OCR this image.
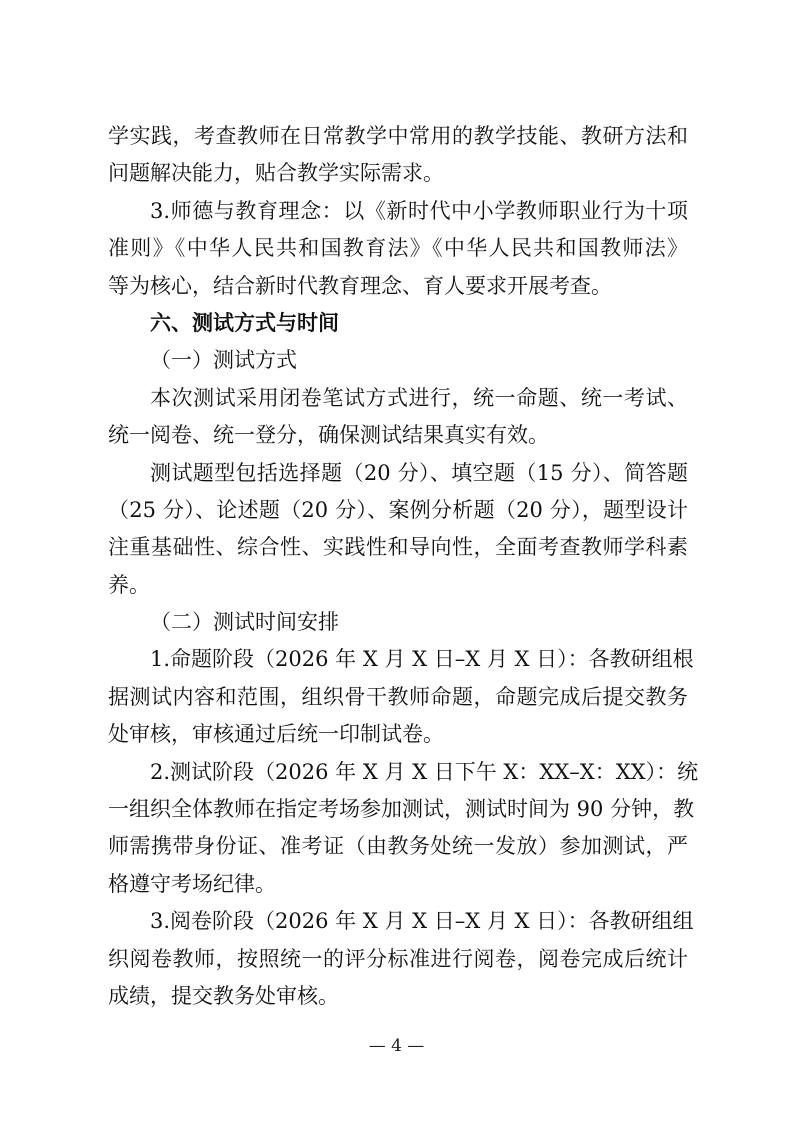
学实践，考查教师在日常教学中常用的教学技能、教研方法和
问题解决能力，贴合教学实际需求。
3.师德与教育理念：以《新时代中小学教师职业行为十项
准则》《中华人民共和国教育法》《中华人民共和国教师法》
等为核心，结合新时代教育理念、育人要求开展考查。
六、测试方式与时间
（一）测试方式
本次测试采用闭卷笔试方式进行，统一命题、统一考试、
统一阅卷、统一登分，确保测试结果真实有效。
测试题型包括选择题（20 分）、填空题（15 分）、简答题
（25 分）、论述题（20 分）、案例分析题（20 分），题型设计
注重基础性、综合性、实践性和导向性，全面考查教师学科素
养。
（二）测试时间安排
1.命题阶段（2026 年 X 月 X 日–X 月 X 日）：各教研组根
据测试内容和范围，组织骨干教师命题，命题完成后提交教务
处审核，审核通过后统一印制试卷。
2.测试阶段（2026 年 X 月 X 日下午 X：XX–X：XX）：统
一组织全体教师在指定考场参加测试，测试时间为 90 分钟，教
师需携带身份证、准考证（由教务处统一发放）参加测试，严
格遵守考场纪律。
3.阅卷阶段（2026 年 X 月 X 日–X 月 X 日）：各教研组组
织阅卷教师，按照统一的评分标准进行阅卷，阅卷完成后统计
成绩，提交教务处审核。
— 4 —
